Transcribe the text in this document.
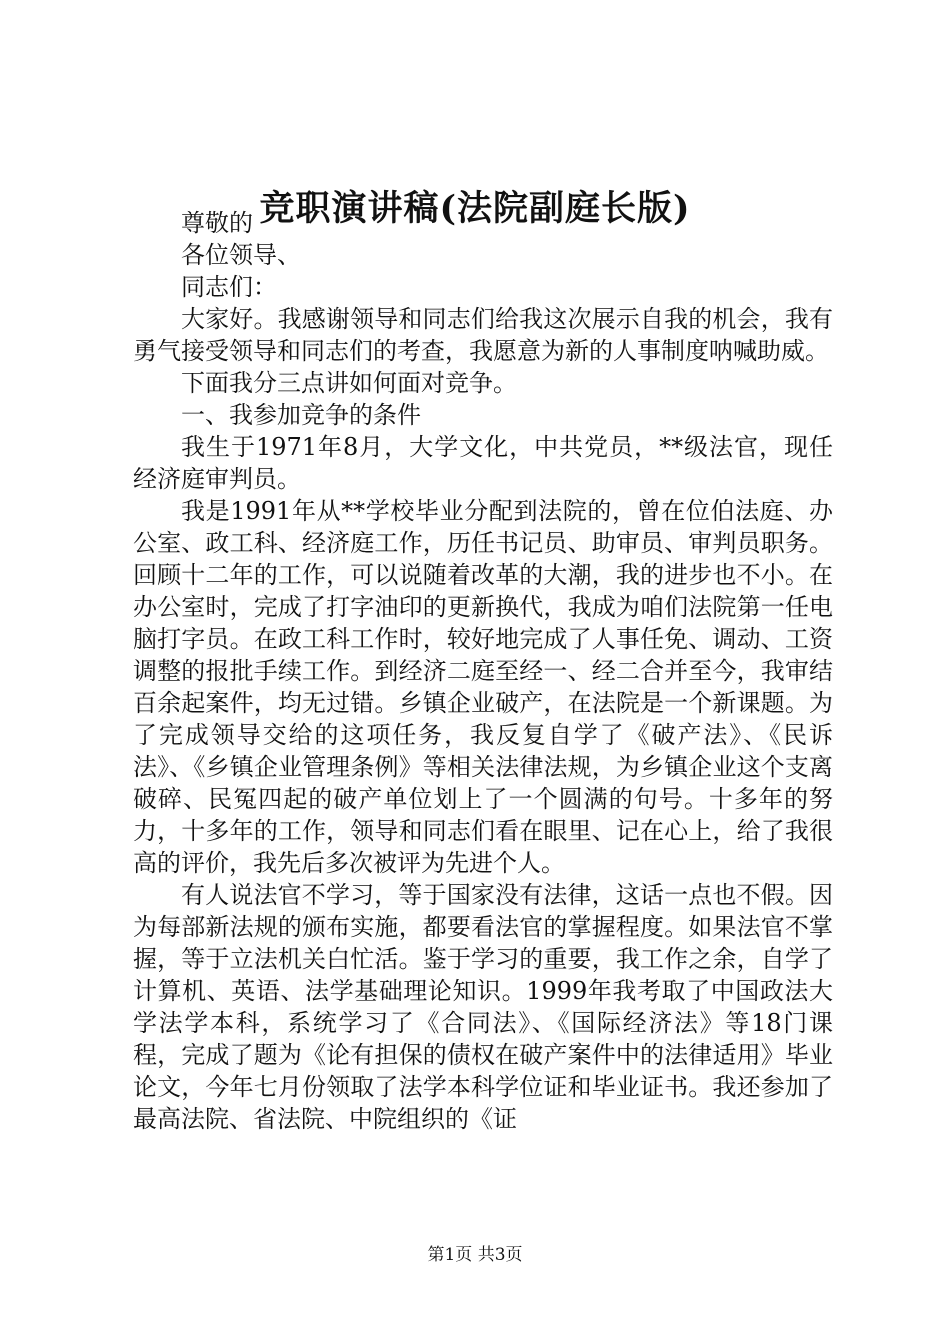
竞职演讲稿(法院副庭长版)

尊敬的

各位领导、

同志们：

大家好。我感谢领导和同志们给我这次展示自我的机会，我有勇气接受领导和同志们的考查，我愿意为新的人事制度呐喊助威。

下面我分三点讲如何面对竞争。

一、我参加竞争的条件

我生于1971年8月，大学文化，中共党员，**级法官，现任经济庭审判员。

我是1991年从**学校毕业分配到法院的，曾在位伯法庭、办公室、政工科、经济庭工作，历任书记员、助审员、审判员职务。回顾十二年的工作，可以说随着改革的大潮，我的进步也不小。在办公室时，完成了打字油印的更新换代，我成为咱们法院第一任电脑打字员。在政工科工作时，较好地完成了人事任免、调动、工资调整的报批手续工作。到经济二庭至经一、经二合并至今，我审结百余起案件，均无过错。乡镇企业破产，在法院是一个新课题。为了完成领导交给的这项任务，我反复自学了《破产法》、《民诉法》、《乡镇企业管理条例》等相关法律法规，为乡镇企业这个支离破碎、民冤四起的破产单位划上了一个圆满的句号。十多年的努力，十多年的工作，领导和同志们看在眼里、记在心上，给了我很高的评价，我先后多次被评为先进个人。

有人说法官不学习，等于国家没有法律，这话一点也不假。因为每部新法规的颁布实施，都要看法官的掌握程度。如果法官不掌握，等于立法机关白忙活。鉴于学习的重要，我工作之余，自学了计算机、英语、法学基础理论知识。1999年我考取了中国政法大学法学本科，系统学习了《合同法》、《国际经济法》等18门课程，完成了题为《论有担保的债权在破产案件中的法律适用》毕业论文，今年七月份领取了法学本科学位证和毕业证书。我还参加了最高法院、省法院、中院组织的《证

第1页 共3页
